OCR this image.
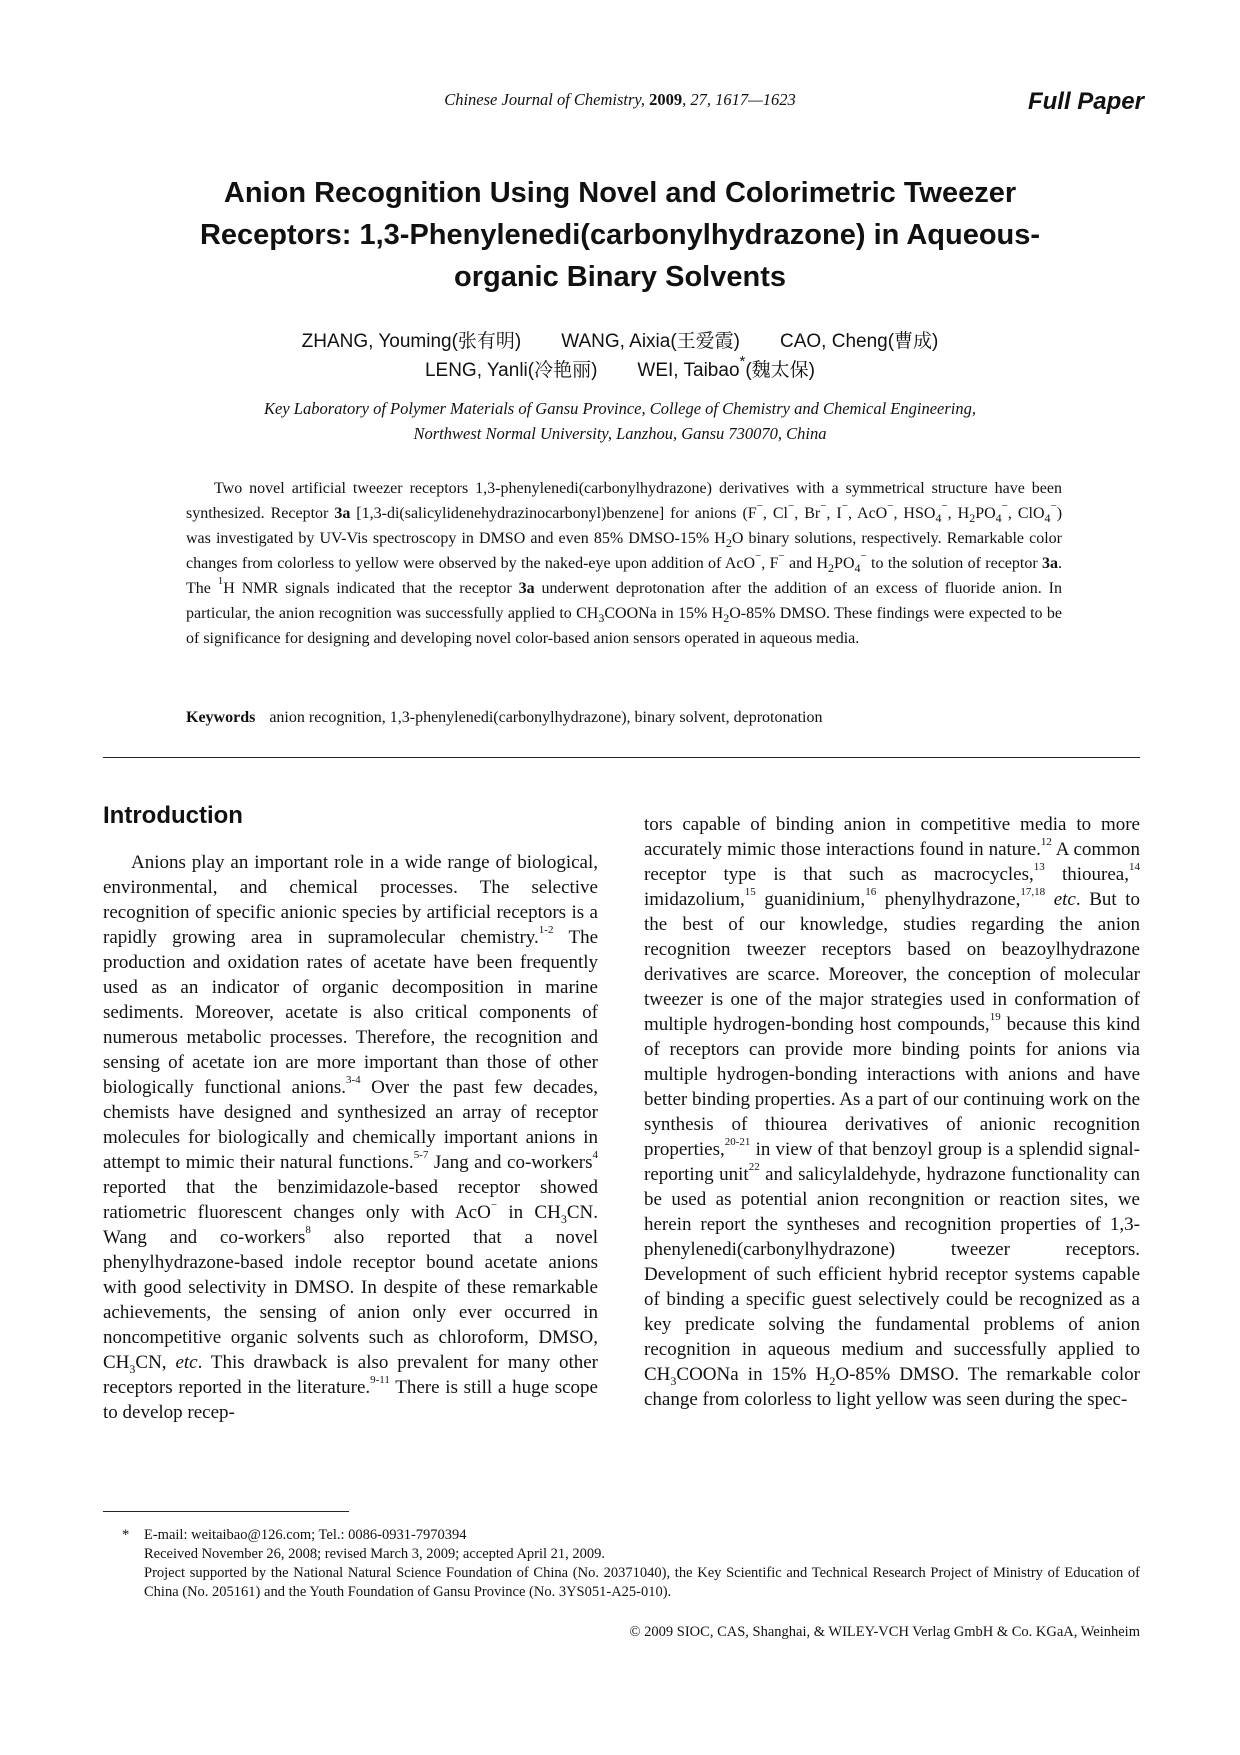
Chinese Journal of Chemistry, 2009, 27, 1617—1623	Full Paper
Anion Recognition Using Novel and Colorimetric Tweezer Receptors: 1,3-Phenylenedi(carbonylhydrazone) in Aqueous-organic Binary Solvents
ZHANG, Youming(张有明) WANG, Aixia(王爱霞) CAO, Cheng(曹成)
LENG, Yanli(冷艳丽) WEI, Taibao*(魏太保)
Key Laboratory of Polymer Materials of Gansu Province, College of Chemistry and Chemical Engineering,
Northwest Normal University, Lanzhou, Gansu 730070, China
Two novel artificial tweezer receptors 1,3-phenylenedi(carbonylhydrazone) derivatives with a symmetrical structure have been synthesized. Receptor 3a [1,3-di(salicylidenehydrazinocarbonyl)benzene] for anions (F−, Cl−, Br−, I−, AcO−, $HSO_4^-$, $H_2PO_4^-$, ClO$_4$−) was investigated by UV-Vis spectroscopy in DMSO and even 85% DMSO-15% $H_2O$ binary solutions, respectively. Remarkable color changes from colorless to yellow were observed by the naked-eye upon addition of AcO−, F− and $H_2PO_4^-$ to the solution of receptor 3a. The $^1$H NMR signals indicated that the receptor 3a underwent deprotonation after the addition of an excess of fluoride anion. In particular, the anion recognition was successfully applied to $CH_3COONa$ in 15% $H_2O-85\%$ DMSO. These findings were expected to be of significance for designing and developing novel color-based anion sensors operated in aqueous media.
Keywords anion recognition, 1,3-phenylenedi(carbonylhydrazone), binary solvent, deprotonation
Introduction

Anions play an important role in a wide range of biological, environmental, and chemical processes. The selective recognition of specific anionic species by artificial receptors is a rapidly growing area in supramolecular chemistry.$^{1-2}$ The production and oxidation rates of acetate have been frequently used as an indicator of organic decomposition in marine sediments. Moreover, acetate is also critical components of numerous metabolic processes. Therefore, the recognition and sensing of acetate ion are more important than those of other biologically functional anions.$^{3-4}$ Over the past few decades, chemists have designed and synthesized an array of receptor molecules for biologically and chemically important anions in attempt to mimic their natural functions.$^{5-7}$ Jang and co-workers$^4$ reported that the benzimidazole-based receptor showed ratiometric fluorescent changes only with AcO− in $CH_3CN$. Wang and co-workers$^8$ also reported that a novel phenylhydrazone-based indole receptor bound acetate anions with good selectivity in DMSO. In despite of these remarkable achievements, the sensing of anion only ever occurred in noncompetitive organic solvents such as chloroform, DMSO, $CH_3CN$, etc. This drawback is also prevalent for many other receptors reported in the literature.$^{9-11}$ There is still a huge scope to develop recep-

tors capable of binding anion in competitive media to more accurately mimic those interactions found in nature.$^{12}$ A common receptor type is that such as macrocycles,$^{13}$ thiourea,$^{14}$ imidazolium,$^{15}$ guanidinium,$^{16}$ phenylhydrazone,$^{17,18}$ etc. But to the best of our knowledge, studies regarding the anion recognition tweezer receptors based on beazoylhydrazone derivatives are scarce. Moreover, the conception of molecular tweezer is one of the major strategies used in conformation of multiple hydrogen-bonding host compounds,$^{19}$ because this kind of receptors can provide more binding points for anions via multiple hydrogen-bonding interactions with anions and have better binding properties. As a part of our continuing work on the synthesis of thiourea derivatives of anionic recognition properties,$^{20-21}$ in view of that benzoyl group is a splendid signal-reporting unit$^{22}$ and salicylaldehyde, hydrazone functionality can be used as potential anion recongnition or reaction sites, we herein report the syntheses and recognition properties of 1,3-phenylenedi(carbonylhydrazone) tweezer receptors. Development of such efficient hybrid receptor systems capable of binding a specific guest selectively could be recognized as a key predicate solving the fundamental problems of anion recognition in aqueous medium and successfully applied to $CH_3COONa$ in 15% $H_2O-85\%$ DMSO. The remarkable color change from colorless to light yellow was seen during the spec-

* E-mail: weitaibao@126.com; Tel.: 0086-0931-7970394
Received November 26, 2008; revised March 3, 2009; accepted April 21, 2009.
Project supported by the National Natural Science Foundation of China (No. 20371040), the Key Scientific and Technical Research Project of Ministry of Education of China (No. 205161) and the Youth Foundation of Gansu Province (No. 3YS051-A25-010).
© 2009 SIOC, CAS, Shanghai, & WILEY-VCH Verlag GmbH & Co. KGaA, Weinheim
